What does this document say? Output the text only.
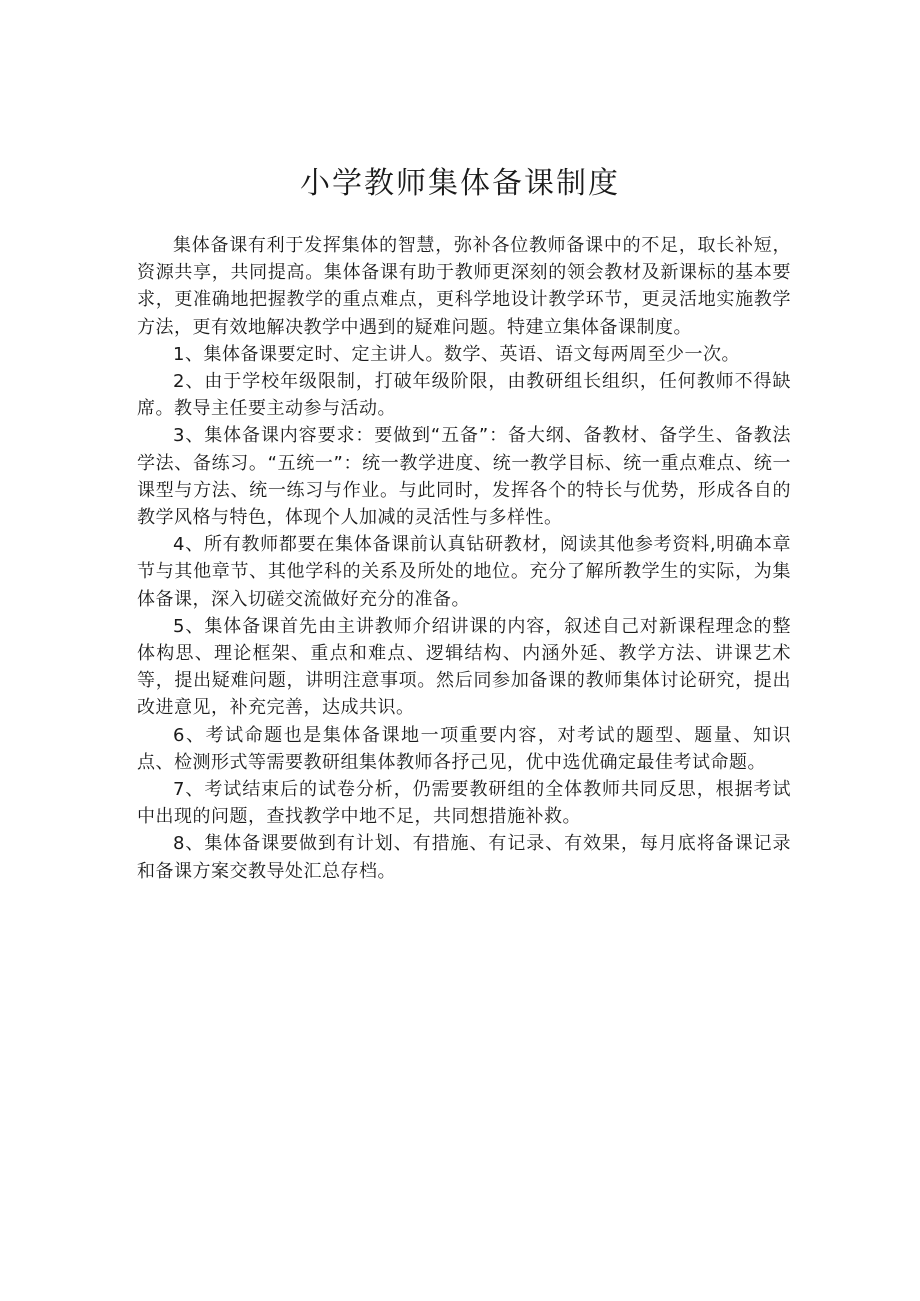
小学教师集体备课制度

集体备课有利于发挥集体的智慧，弥补各位教师备课中的不足，取长补短，资源共享，共同提高。集体备课有助于教师更深刻的领会教材及新课标的基本要求，更准确地把握教学的重点难点，更科学地设计教学环节，更灵活地实施教学方法，更有效地解决教学中遇到的疑难问题。特建立集体备课制度。

1、集体备课要定时、定主讲人。数学、英语、语文每两周至少一次。

2、由于学校年级限制，打破年级阶限，由教研组长组织，任何教师不得缺席。教导主任要主动参与活动。

3、集体备课内容要求：要做到“五备”：备大纲、备教材、备学生、备教法学法、备练习。“五统一”：统一教学进度、统一教学目标、统一重点难点、统一课型与方法、统一练习与作业。与此同时，发挥各个的特长与优势，形成各自的教学风格与特色，体现个人加减的灵活性与多样性。

4、所有教师都要在集体备课前认真钻研教材，阅读其他参考资料,明确本章节与其他章节、其他学科的关系及所处的地位。充分了解所教学生的实际，为集体备课，深入切磋交流做好充分的准备。

5、集体备课首先由主讲教师介绍讲课的内容，叙述自己对新课程理念的整体构思、理论框架、重点和难点、逻辑结构、内涵外延、教学方法、讲课艺术等，提出疑难问题，讲明注意事项。然后同参加备课的教师集体讨论研究，提出改进意见，补充完善，达成共识。

6、考试命题也是集体备课地一项重要内容，对考试的题型、题量、知识点、检测形式等需要教研组集体教师各抒己见，优中选优确定最佳考试命题。

7、考试结束后的试卷分析，仍需要教研组的全体教师共同反思，根据考试中出现的问题，查找教学中地不足，共同想措施补救。

8、集体备课要做到有计划、有措施、有记录、有效果，每月底将备课记录和备课方案交教导处汇总存档。
